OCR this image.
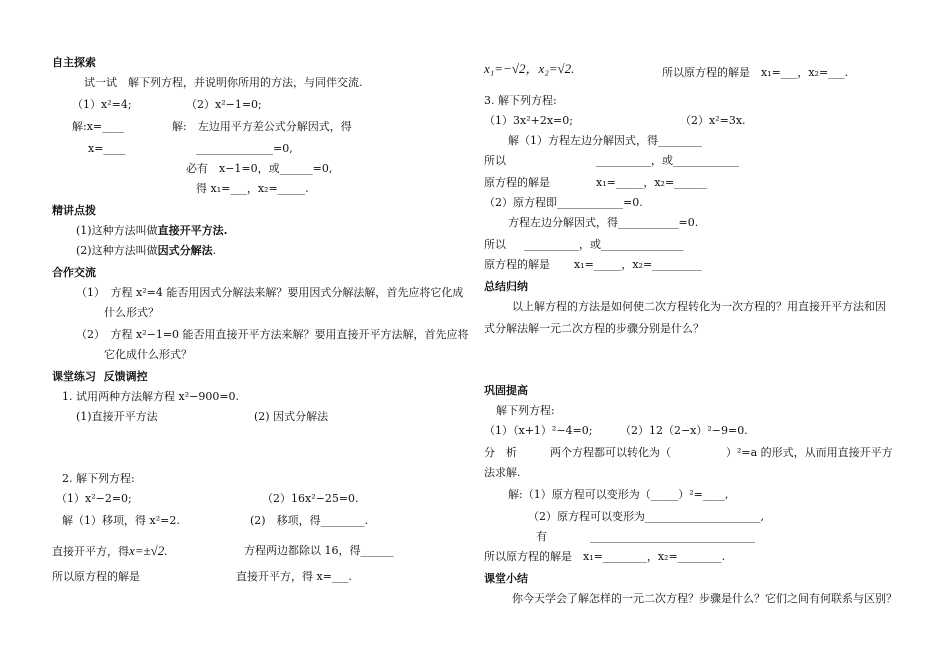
自主探索
试一试　解下列方程，并说明你所用的方法，与同伴交流.
（1）x²=4;	（2）x²−1=0;
解:x=____	解:　左边用平方差公式分解因式，得
x=____	______________=0,
必有　x−1=0，或______=0,
得 x₁=___，x₂=_____.
精讲点拨
(1)这种方法叫做直接开平方法.
(2)这种方法叫做因式分解法.
合作交流
（1）　方程 x²=4 能否用因式分解法来解？要用因式分解法解，首先应将它化成
什么形式？
（2）　方程 x²−1=0 能否用直接开平方法来解？要用直接开平方法解，首先应将
它化成什么形式？
课堂练习  反馈调控
1. 试用两种方法解方程 x²−900=0.
(1)直接开平方法	(2) 因式分解法
2. 解下列方程:
（1）x²−2=0;	（2）16x²−25=0.
解（1）移项，得 x²=2.	(2)　移项，得________.
直接开平方，得x=±√2.	方程两边都除以 16，得______
所以原方程的解是	直接开平方，得 x=___.
x₁=−√2，x₂=√2.	所以原方程的解是　x₁=___，x₂=___.
3. 解下列方程:
（1）3x²+2x=0;	（2）x²=3x.
解（1）方程左边分解因式，得________
所以	__________，或____________
原方程的解是	x₁=_____，x₂=______
（2）原方程即____________=0.
方程左边分解因式，得___________=0.
所以 __________，或_______________
原方程的解是 x₁=_____，x₂=_________
总结归纳
以上解方程的方法是如何使二次方程转化为一次方程的？用直接开平方法和因
式分解法解一元二次方程的步骤分别是什么？
巩固提高
解下列方程:
（1）（x+1）²−4=0;　　　（2）12（2−x）²−9=0.
分　析　　　两个方程都可以转化为（　　　　　）²=a 的形式，从而用直接开平方
法求解.
解:（1）原方程可以变形为（_____）²=____,
（2）原方程可以变形为_____________________,
有	______________________________
所以原方程的解是　x₁=________，x₂=________.
课堂小结
你今天学会了解怎样的一元二次方程？步骤是什么？它们之间有何联系与区别？
